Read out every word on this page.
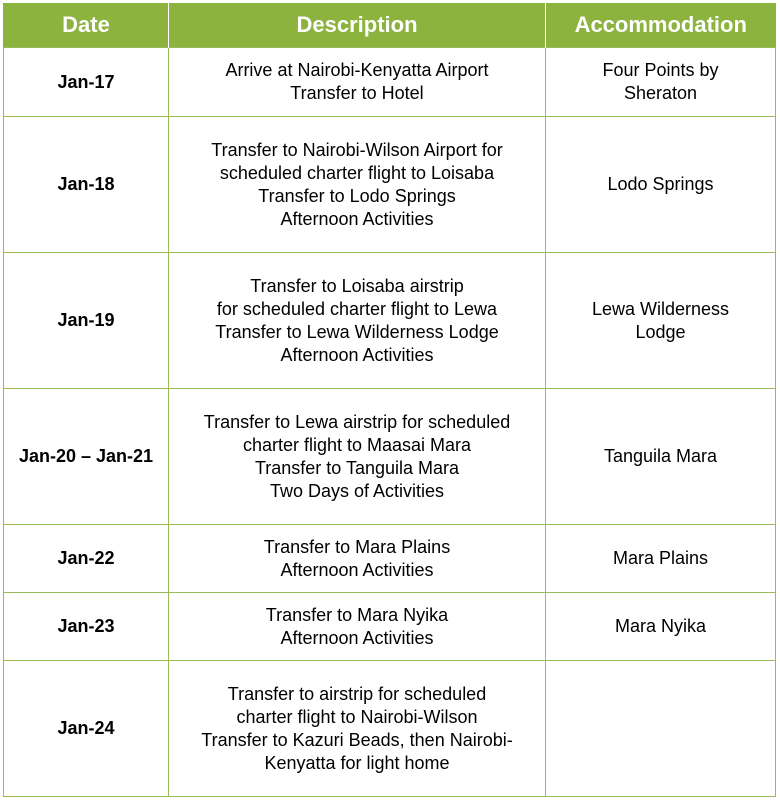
Date	Description	Accommodation
Jan-17	Arrive at Nairobi-Kenyatta Airport
Transfer to Hotel	Four Points by
Sheraton

Jan-18	Transfer to Nairobi-Wilson Airport for
scheduled charter flight to Loisaba
Transfer to Lodo Springs
Afternoon Activities	Lodo Springs

Jan-19	Transfer to Loisaba airstrip
for scheduled charter flight to Lewa
Transfer to Lewa Wilderness Lodge
Afternoon Activities	Lewa Wilderness
Lodge

Jan-20 – Jan-21	Transfer to Lewa airstrip for scheduled
charter flight to Maasai Mara
Transfer to Tanguila Mara
Two Days of Activities	Tanguila Mara

Jan-22	Transfer to Mara Plains
Afternoon Activities	Mara Plains

Jan-23	Transfer to Mara Nyika
Afternoon Activities	Mara Nyika

Jan-24	Transfer to airstrip for scheduled
charter flight to Nairobi-Wilson
Transfer to Kazuri Beads, then Nairobi-
Kenyatta for light home	
